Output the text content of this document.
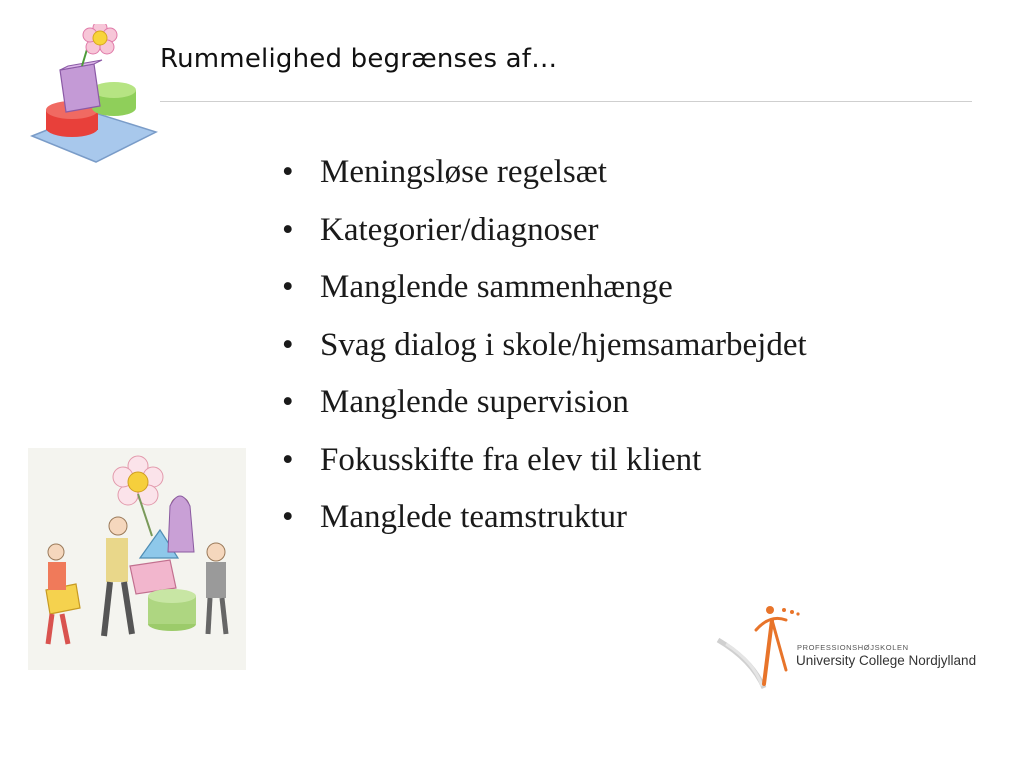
Rummelighed begrænses af…
• Meningsløse regelsæt
• Kategorier/diagnoser
• Manglende sammenhænge
• Svag dialog i skole/hjemsamarbejdet
• Manglende supervision
• Fokusskifte fra elev til klient
• Manglede teamstruktur
PROFESSIONSHØJSKOLEN
University College Nordjylland
